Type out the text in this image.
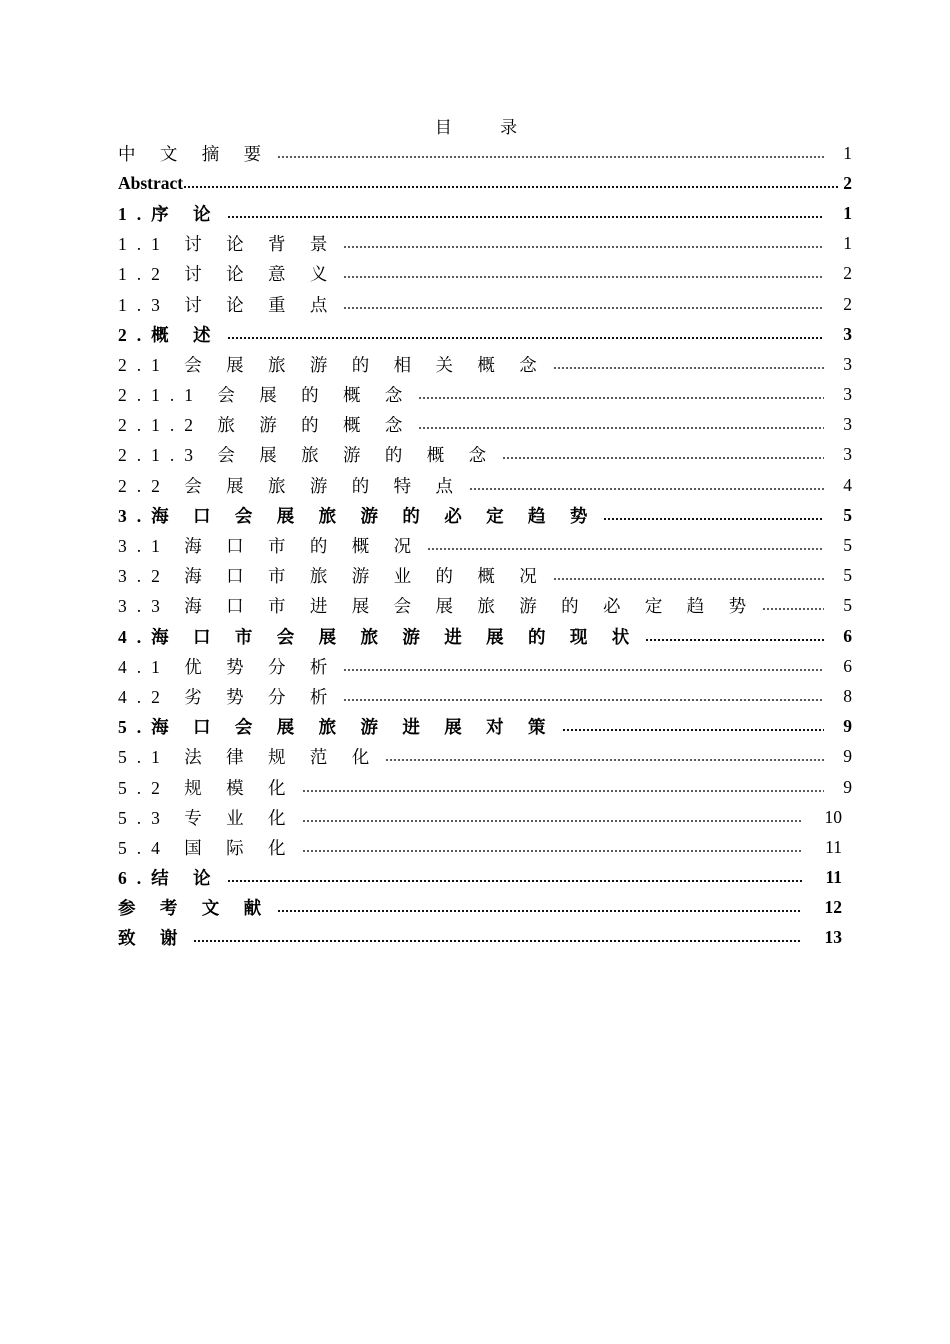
目 录
中 文 摘 要	1
Abstract	2
1.序 论	1
1.1 讨 论 背 景	1
1.2 讨 论 意 义	2
1.3 讨 论 重 点	2
2.概 述	3
2.1 会 展 旅 游 的 相 关 概 念	3
2.1.1 会 展 的 概 念	3
2.1.2 旅 游 的 概 念	3
2.1.3 会 展 旅 游 的 概 念	3
2.2 会 展 旅 游 的 特 点	4
3.海 口 会 展 旅 游 的 必 定 趋 势	5
3.1 海 口 市 的 概 况	5
3.2 海 口 市 旅 游 业 的 概 况	5
3.3 海 口 市 进 展 会 展 旅 游 的 必 定 趋 势	5
4.海 口 市 会 展 旅 游 进 展 的 现 状	6
4.1 优 势 分 析	6
4.2 劣 势 分 析	8
5.海 口 会 展 旅 游 进 展 对 策	9
5.1 法 律 规 范 化	9
5.2 规 模 化	9
5.3 专 业 化	10
5.4 国 际 化	11
6.结 论	11
参 考 文 献	12
致 谢	13
